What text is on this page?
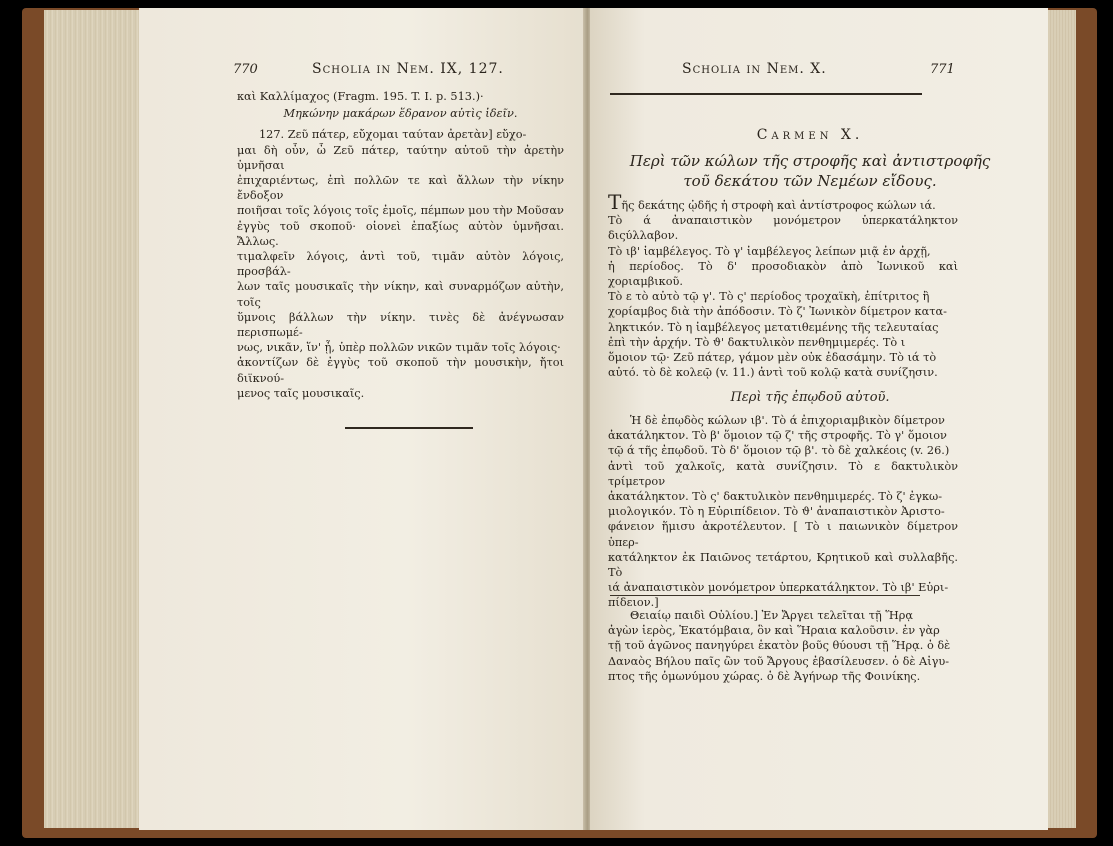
770	Scholia in Nem. IX, 127.

καὶ Καλλίμαχος (Fragm. 195. T. I. p. 513.)·

Μηκώνην μακάρων ἕδρανον αὐτὶς ἰδεῖν.

127. Ζεῦ πάτερ, εὔχομαι ταύταν ἀρετὰν] εὔχο-

μαι δὴ οὖν, ὦ Ζεῦ πάτερ, ταύτην αὐτοῦ τὴν ἀρετὴν ὑμνῆσαι

ἐπιχαριέντως, ἐπὶ πολλῶν τε καὶ ἄλλων τὴν νίκην ἔνδοξον

ποιῆσαι τοῖς λόγοις τοῖς ἐμοῖς, πέμπων μου τὴν Μοῦσαν

ἐγγὺς τοῦ σκοποῦ· οἱονεὶ ἐπαξίως αὐτὸν ὑμνῆσαι. Ἄλλως.

τιμαλφεῖν λόγοις, ἀντὶ τοῦ, τιμᾶν αὐτὸν λόγοις, προσβάλ-

λων ταῖς μουσικαῖς τὴν νίκην, καὶ συναρμόζων αὐτὴν, τοῖς

ὕμνοις βάλλων τὴν νίκην. τινὲς δὲ ἀνέγνωσαν περισπωμέ-

νως, νικᾶν, ἵν' ᾖ, ὑπὲρ πολλῶν νικῶν τιμᾶν τοῖς λόγοις·

ἀκοντίζων δὲ ἐγγὺς τοῦ σκοποῦ τὴν μουσικὴν, ἤτοι διϊκνού-

μενος ταῖς μουσικαῖς.

Scholia in Nem. X.	771
Carmen X.
Περὶ τῶν κώλων τῆς στροφῆς καὶ ἀντιστροφῆς
τοῦ δεκάτου τῶν Νεμέων εἴδους.

Τῆς δεκάτης ᾠδῆς ἡ στροφὴ καὶ ἀντίστροφος κώλων ιά.

Τὸ ά ἀναπαιστικὸν μονόμετρον ὑπερκατάληκτον διςύλλαβον.

Τὸ ιβ' ἰαμβέλεγος. Τὸ γ' ἰαμβέλεγος λείπων μιᾷ ἐν ἀρχῇ,

ἡ περίοδος. Τὸ δ' προσοδιακὸν ἀπὸ Ἰωνικοῦ καὶ χοριαμβικοῦ.

Τὸ ε τὸ αὐτὸ τῷ γ'. Τὸ ς' περίοδος τροχαϊκὴ, ἐπίτριτος ἢ

χορίαμβος διὰ τὴν ἀπόδοσιν. Τὸ ζ' Ἰωνικὸν δίμετρον κατα-

ληκτικόν. Τὸ η ἰαμβέλεγος μετατιθεμένης τῆς τελευταίας

ἐπὶ τὴν ἀρχήν. Τὸ ϑ' δακτυλικὸν πενθημιμερές. Τὸ ι

ὅμοιον τῷ· Ζεῦ πάτερ, γάμον μὲν οὐκ ἐδασάμην. Τὸ ιά τὸ

αὐτό. τὸ δὲ κολεῷ (v. 11.) ἀντὶ τοῦ κολῷ κατὰ συνίζησιν.

Περὶ τῆς ἐπῳδοῦ αὐτοῦ.

Ἡ δὲ ἐπῳδὸς κώλων ιβ'. Τὸ ά ἐπιχοριαμβικὸν δίμετρον

ἀκατάληκτον. Τὸ β' ὅμοιον τῷ ζ' τῆς στροφῆς. Τὸ γ' ὅμοιον

τῷ ά τῆς ἐπῳδοῦ. Τὸ δ' ὅμοιον τῷ β'. τὸ δὲ χαλκέοις (v. 26.)

ἀντὶ τοῦ χαλκοῖς, κατὰ συνίζησιν. Τὸ ε δακτυλικὸν τρίμετρον

ἀκατάληκτον. Τὸ ς' δακτυλικὸν πενθημιμερές. Τὸ ζ' ἐγκω-

μιολογικόν. Τὸ η Εὐριπίδειον. Τὸ ϑ' ἀναπαιστικὸν Ἀριστο-

φάνειον ἥμισυ ἀκροτέλευτον. [ Τὸ ι παιωνικὸν δίμετρον ὑπερ-

κατάληκτον ἐκ Παιῶνος τετάρτου, Κρητικοῦ καὶ συλλαβῆς. Τὸ

ιά ἀναπαιστικὸν μονόμετρον ὑπερκατάληκτον. Τὸ ιβ' Εὐρι-

πίδειον.]

Θειαίῳ παιδὶ Οὐλίου.] Ἐν Ἄργει τελεῖται τῇ Ἥρᾳ

ἀγὼν ἱερὸς, Ἑκατόμβαια, ὃν καὶ Ἥραια καλοῦσιν. ἐν γὰρ

τῇ τοῦ ἀγῶνος πανηγύρει ἑκατὸν βοῦς θύουσι τῇ Ἥρᾳ. ὁ δὲ

Δαναὸς Βήλου παῖς ὢν τοῦ Ἄργους ἐβασίλευσεν. ὁ δὲ Αἰγυ-

πτος τῆς ὁμωνύμου χώρας. ὁ δὲ Ἀγήνωρ τῆς Φοινίκης.
